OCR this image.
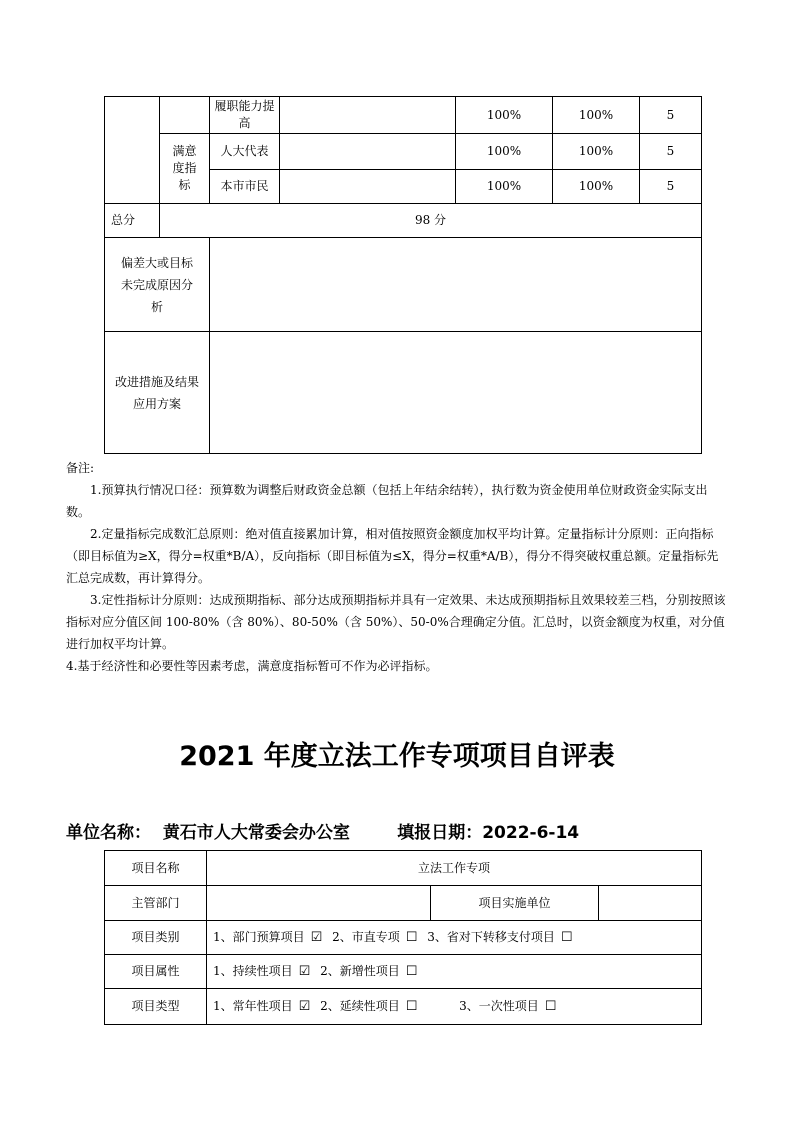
		履职能力提高		100%	100%	5
	满意度指标	人大代表		100%	100%	5
		本市市民		100%	100%	5
总分	98 分					
偏差大或目标未完成原因分析						
改进措施及结果应用方案						

备注:

1.预算执行情况口径：预算数为调整后财政资金总额（包括上年结余结转），执行数为资金使用单位财政资金实际支出数。

2.定量指标完成数汇总原则：绝对值直接累加计算，相对值按照资金额度加权平均计算。定量指标计分原则：正向指标（即目标值为≥X，得分=权重*B/A），反向指标（即目标值为≤X，得分=权重*A/B），得分不得突破权重总额。定量指标先汇总完成数，再计算得分。

3.定性指标计分原则：达成预期指标、部分达成预期指标并具有一定效果、未达成预期指标且效果较差三档，分别按照该指标对应分值区间 100-80%（含 80%）、80-50%（含 50%）、50-0%合理确定分值。汇总时，以资金额度为权重，对分值进行加权平均计算。

4.基于经济性和必要性等因素考虑，满意度指标暂可不作为必评指标。

2021 年度立法工作专项项目自评表
单位名称： 黄石市人大常委会办公室	填报日期：2022-6-14
项目名称	立法工作专项		
主管部门		项目实施单位	
项目类别	1、部门预算项目 ☑ 2、市直专项 ☐ 3、省对下转移支付项目 ☐		
项目属性	1、持续性项目 ☑ 2、新增性项目 ☐		
项目类型	1、常年性项目 ☑ 2、延续性项目 ☐ 3、一次性项目 ☐		
